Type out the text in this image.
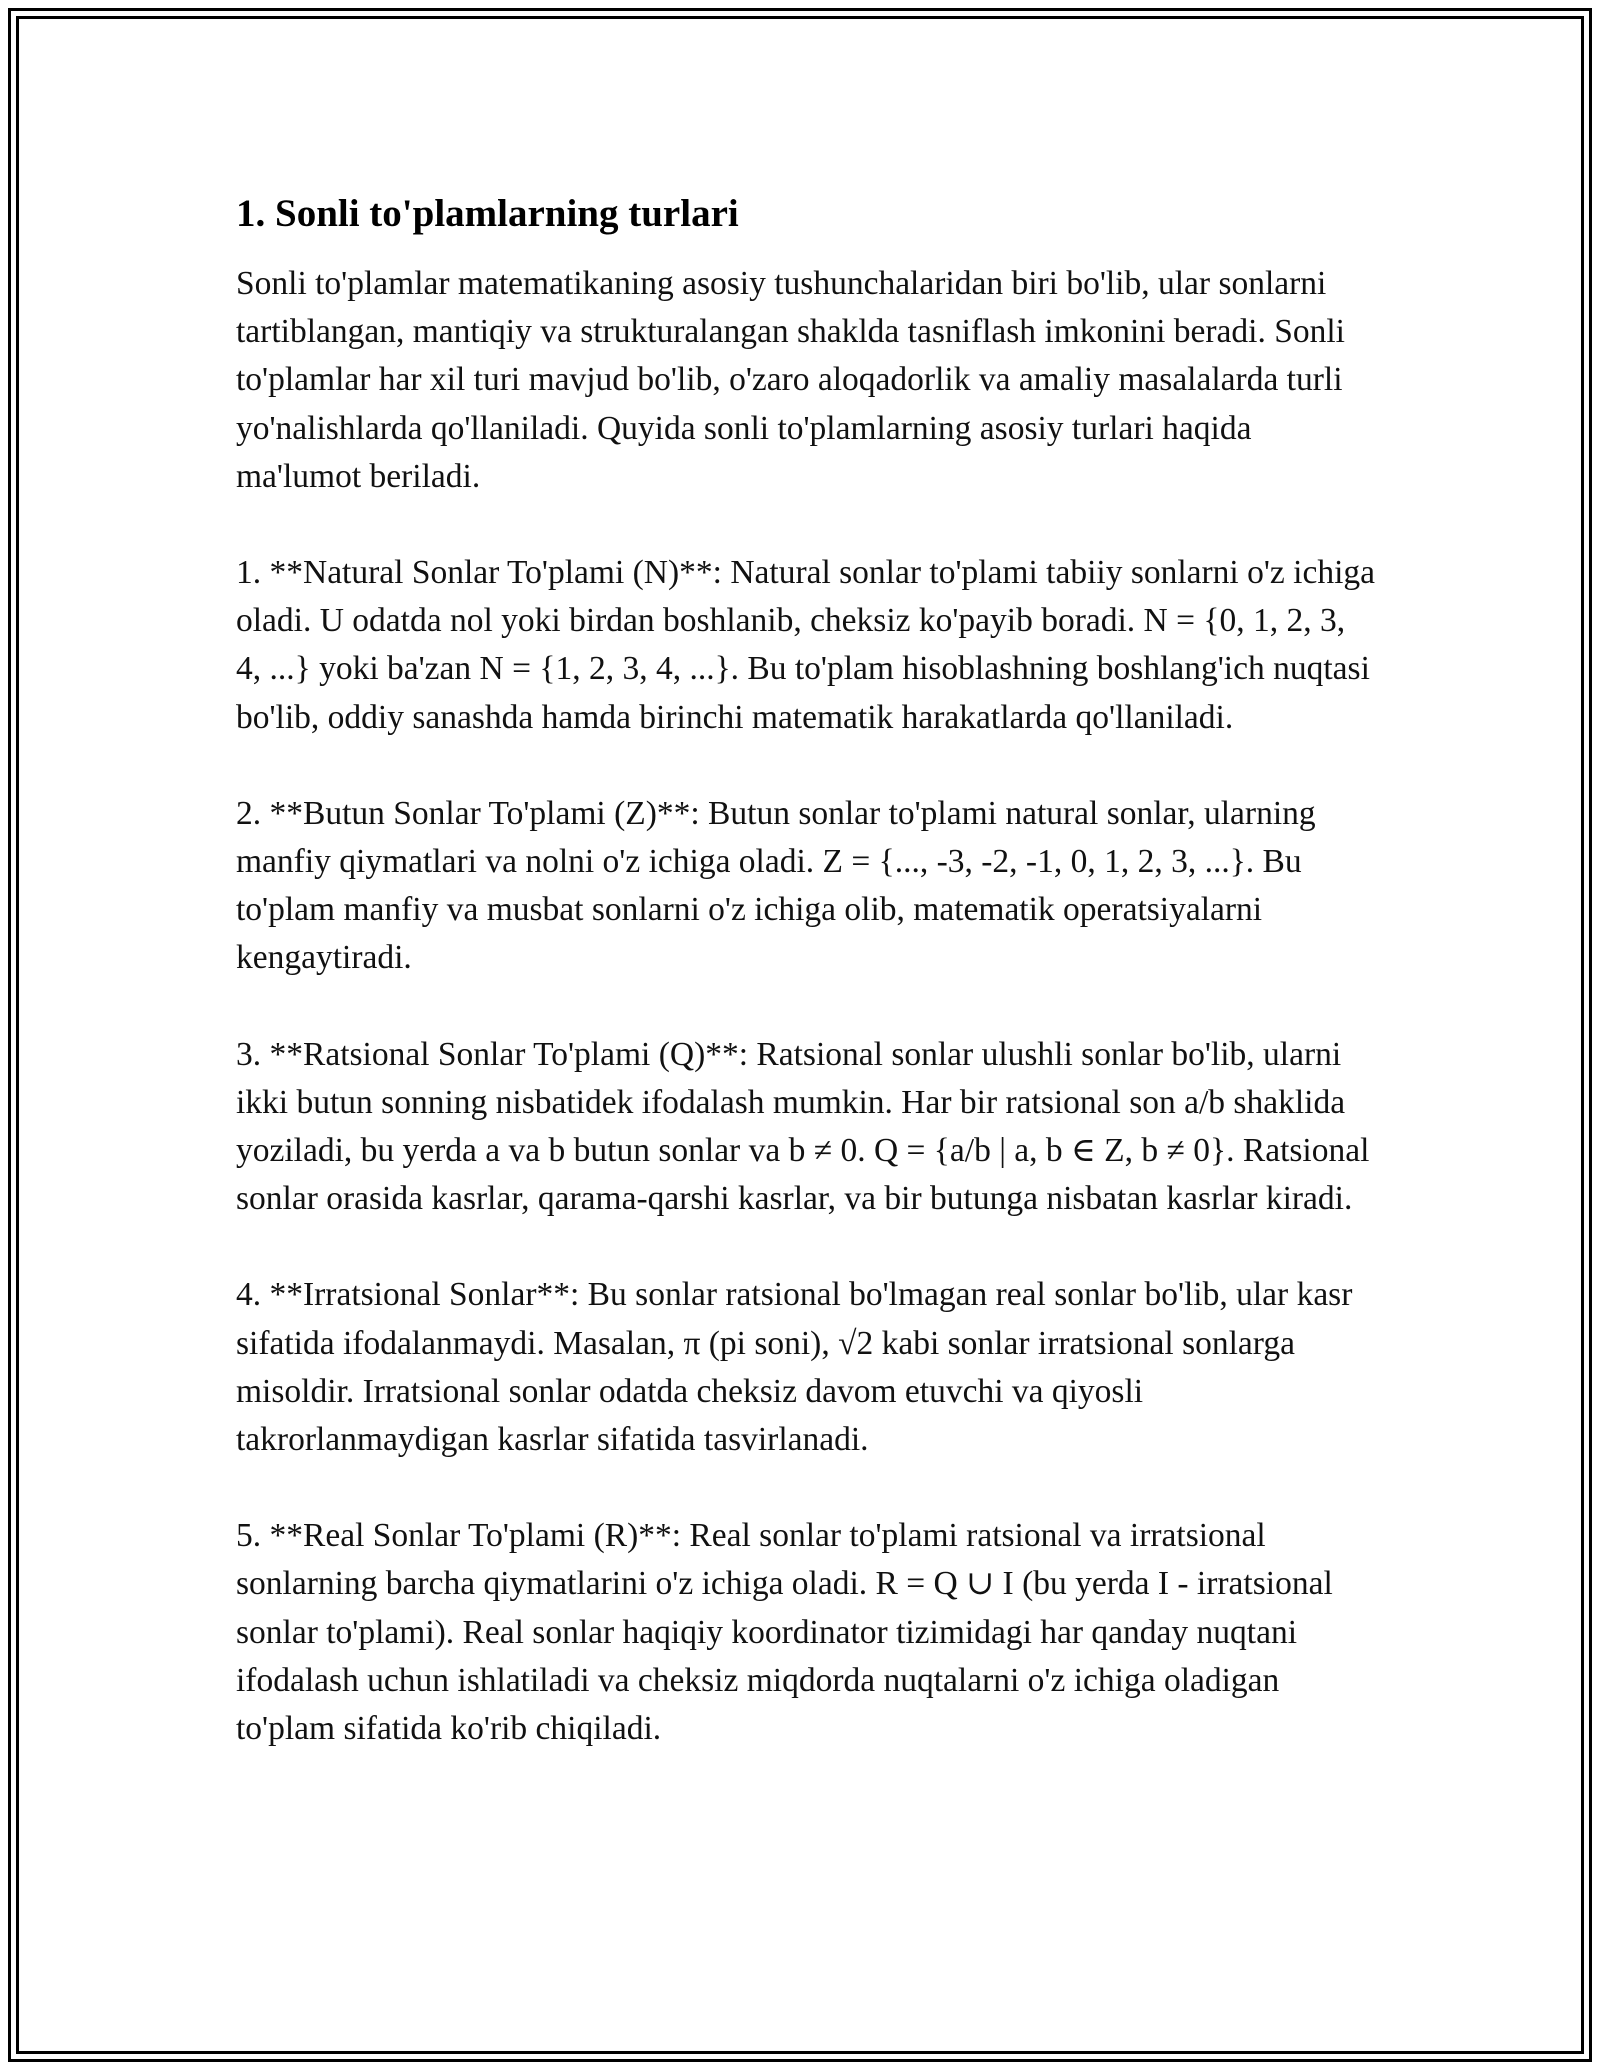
1. Sonli to'plamlarning turlari

Sonli to'plamlar matematikaning asosiy tushunchalaridan biri bo'lib, ular sonlarni tartiblangan, mantiqiy va strukturalangan shaklda tasniflash imkonini beradi. Sonli to'plamlar har xil turi mavjud bo'lib, o'zaro aloqadorlik va amaliy masalalarda turli yo'nalishlarda qo'llaniladi. Quyida sonli to'plamlarning asosiy turlari haqida ma'lumot beriladi.

1. **Natural Sonlar To'plami (N)**: Natural sonlar to'plami tabiiy sonlarni o'z ichiga oladi. U odatda nol yoki birdan boshlanib, cheksiz ko'payib boradi. N = {0, 1, 2, 3, 4, ...} yoki ba'zan N = {1, 2, 3, 4, ...}. Bu to'plam hisoblashning boshlang'ich nuqtasi bo'lib, oddiy sanashda hamda birinchi matematik harakatlarda qo'llaniladi.

2. **Butun Sonlar To'plami (Z)**: Butun sonlar to'plami natural sonlar, ularning manfiy qiymatlari va nolni o'z ichiga oladi. Z = {..., -3, -2, -1, 0, 1, 2, 3, ...}. Bu to'plam manfiy va musbat sonlarni o'z ichiga olib, matematik operatsiyalarni kengaytiradi.

3. **Ratsional Sonlar To'plami (Q)**: Ratsional sonlar ulushli sonlar bo'lib, ularni ikki butun sonning nisbatidek ifodalash mumkin. Har bir ratsional son a/b shaklida yoziladi, bu yerda a va b butun sonlar va b ≠ 0. Q = {a/b | a, b ∈ Z, b ≠ 0}. Ratsional sonlar orasida kasrlar, qarama-qarshi kasrlar, va bir butunga nisbatan kasrlar kiradi.

4. **Irratsional Sonlar**: Bu sonlar ratsional bo'lmagan real sonlar bo'lib, ular kasr sifatida ifodalanmaydi. Masalan, π (pi soni), √2 kabi sonlar irratsional sonlarga misoldir. Irratsional sonlar odatda cheksiz davom etuvchi va qiyosli takrorlanmaydigan kasrlar sifatida tasvirlanadi.

5. **Real Sonlar To'plami (R)**: Real sonlar to'plami ratsional va irratsional sonlarning barcha qiymatlarini o'z ichiga oladi. R = Q ∪ I (bu yerda I - irratsional sonlar to'plami). Real sonlar haqiqiy koordinator tizimidagi har qanday nuqtani ifodalash uchun ishlatiladi va cheksiz miqdorda nuqtalarni o'z ichiga oladigan to'plam sifatida ko'rib chiqiladi.
